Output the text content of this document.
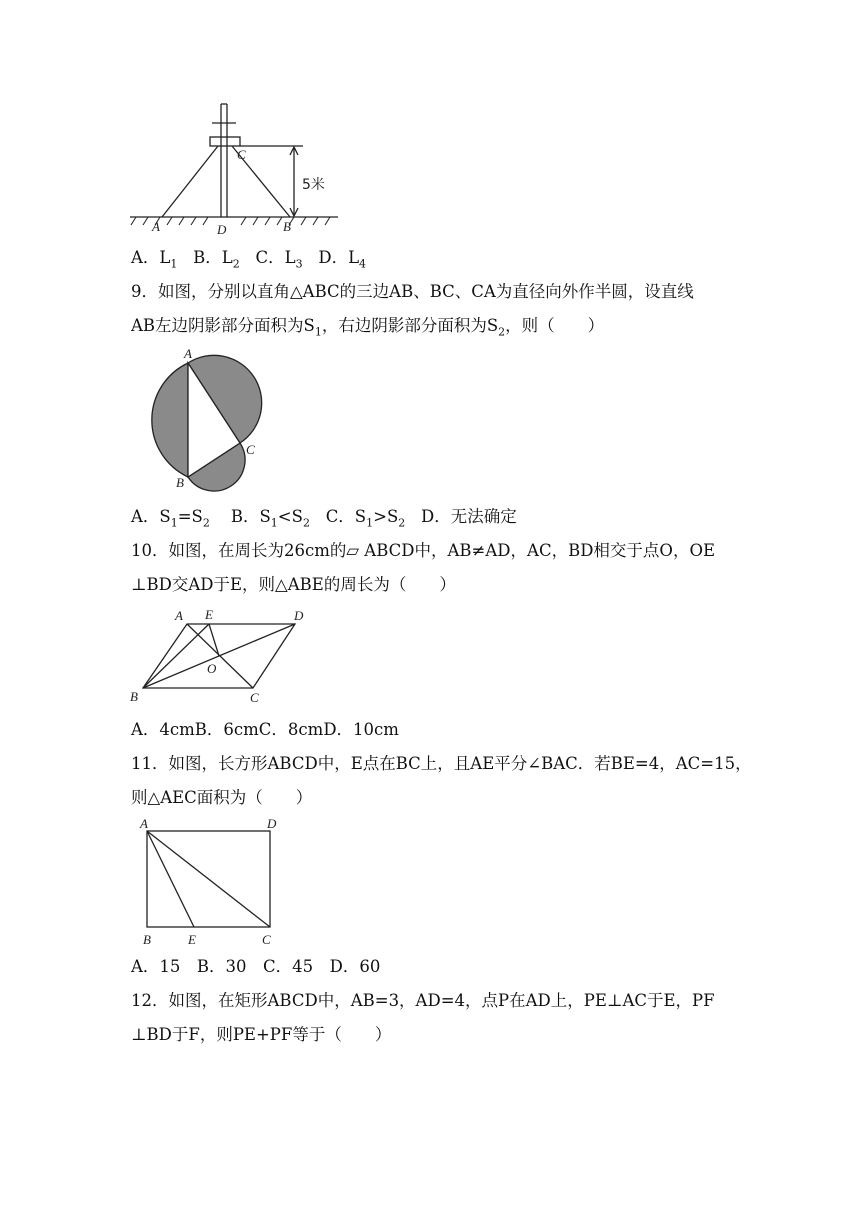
C
A	D	B
5米
A．$L_1$ B．$L_2$ C．$L_3$ D．$L_4$
9．如图，分别以直角△ABC的三边AB、BC、CA为直径向外作半圆，设直线
AB左边阴影部分面积为$S_1$，右边阴影部分面积为$S_2$，则（　　）
A
C
B
A．$S_1=S_2$ B．$S_1<S_2$ C．$S_1>S_2$ D．无法确定
10．如图，在周长为26cm的▱ ABCD中，AB≠AD，AC，BD相交于点O，OE
⊥BD交AD于E，则△ABE的周长为（　　）
A E	D
O
B	C
A．4cmB．6cmC．8cmD．10cm
11．如图，长方形ABCD中，E点在BC上，且AE平分∠BAC．若BE=4，AC=15，
则△AEC面积为（　　）
A	D
B	E	C
A．15　B．30　C．45　D．60
12．如图，在矩形ABCD中，AB=3，AD=4，点P在AD上，PE⊥AC于E，PF
⊥BD于F，则PE+PF等于（　　）
